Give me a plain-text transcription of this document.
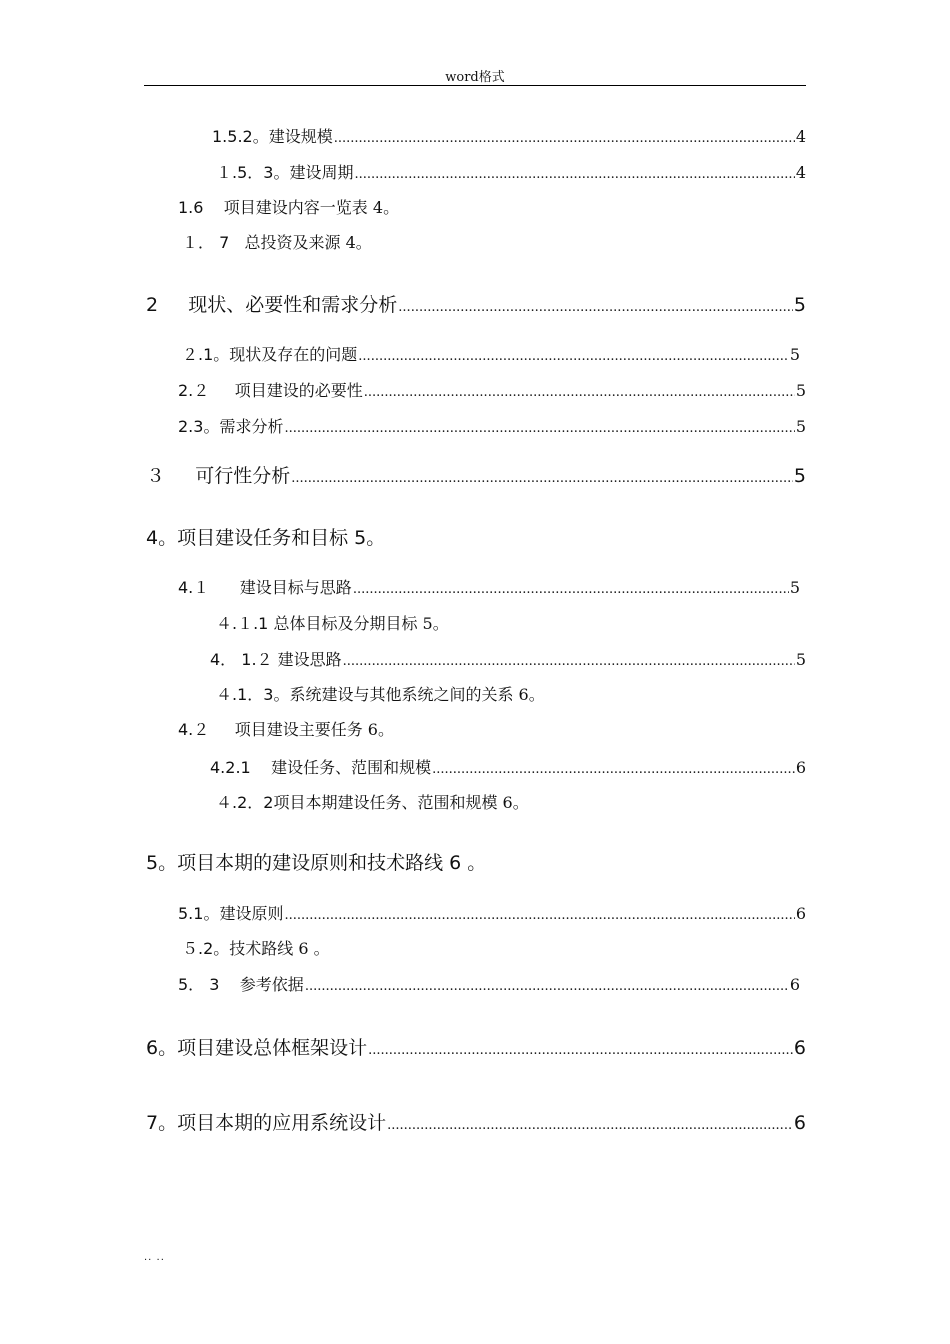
word格式
1.5.2 。建设规模 .....	4
１.5．3 。建设周期 .....	4
1.6 项目建设内容一览表 4。
１． 7 总投资及来源 4。
2 现状、必要性和需求分析 .....	5
２.1 。现状及存在的问题 .....	5
2.２ 项目建设的必要性 .....	5
2.3 。需求分析 .....	5
３ 可行性分析 .....	5
4 。项目建设任务和目标 5。
4.１ 建设目标与思路 .....	5
４.１.1 总体目标及分期目标 5。
4． 1.２ 建设思路 .....	5
４.1．3 。系统建设与其他系统之间的关系 6。
4.２ 项目建设主要任务 6。
4.2.1 建设任务、范围和规模 .....	6
４.2．2 项目本期建设任务、范围和规模 6。
5 。项目本期的建设原则和技术路线 6 。
5.1 。建设原则 .....	6
５.2 。技术路线 6 。
5． 3 参考依据 .....	6
6 。项目建设总体框架设计 .....	6
7 。项目本期的应用系统设计 .....	6
.. ..
